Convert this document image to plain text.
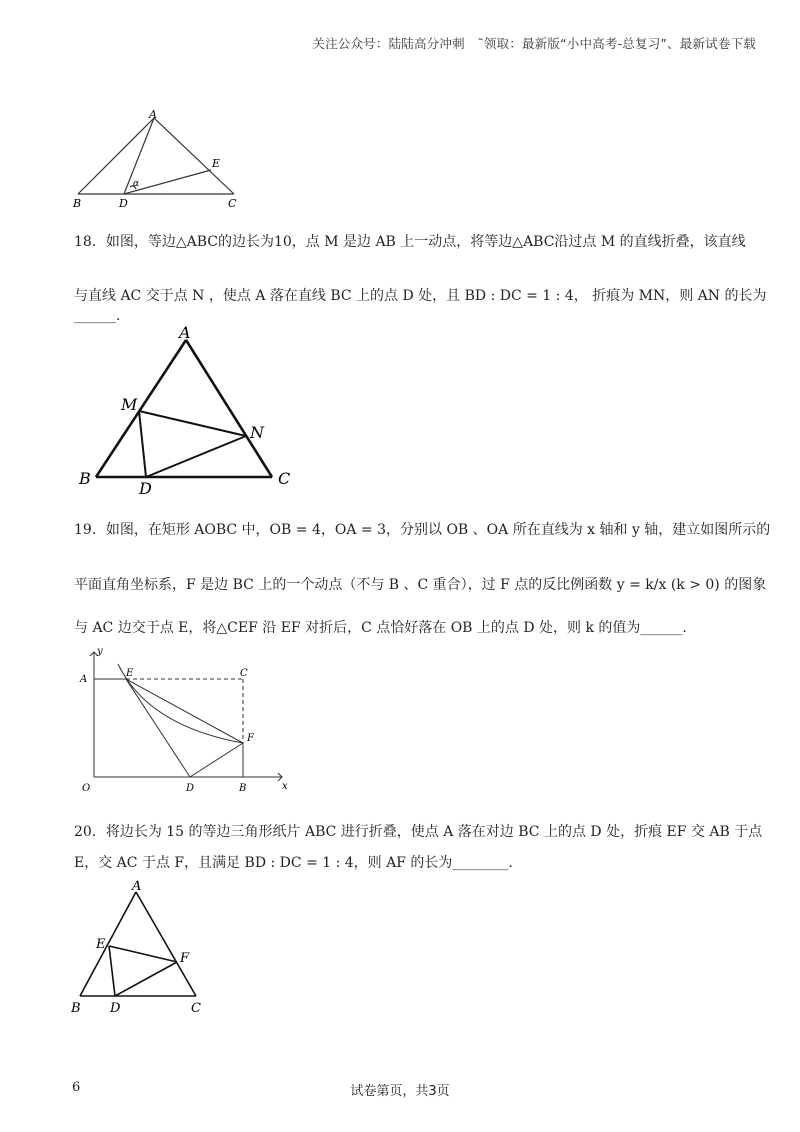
关注公众号：陆陆高分冲刺　˜领取：最新版“小中高考-总复习”、最新试卷下载
A
E
α
B	D	C
18．如图，等边△ABC的边长为10，点 M 是边 AB 上一动点，将等边△ABC沿过点 M 的直线折叠，该直线
与直线 AC 交于点 N ，使点 A 落在直线 BC 上的点 D 处，且 BD : DC = 1 : 4， 折痕为 MN，则 AN 的长为______.
A
M
N
B
D
C
19．如图，在矩形 AOBC 中，OB = 4，OA = 3，分别以 OB 、OA 所在直线为 x 轴和 y 轴，建立如图所示的
平面直角坐标系，F 是边 BC 上的一个动点（不与 B 、C 重合），过 F 点的反比例函数 y = k/x (k > 0) 的图象
与 AC 边交于点 E，将△CEF 沿 EF 对折后，C 点恰好落在 OB 上的点 D 处，则 k 的值为______.
y
A
E	C
F
O	D	B	x
20．将边长为 15 的等边三角形纸片 ABC 进行折叠，使点 A 落在对边 BC 上的点 D 处，折痕 EF 交 AB 于点
E，交 AC 于点 F，且满足 BD : DC = 1 : 4，则 AF 的长为________.
A
E
F
B D	C
6	试卷第页，共3页
